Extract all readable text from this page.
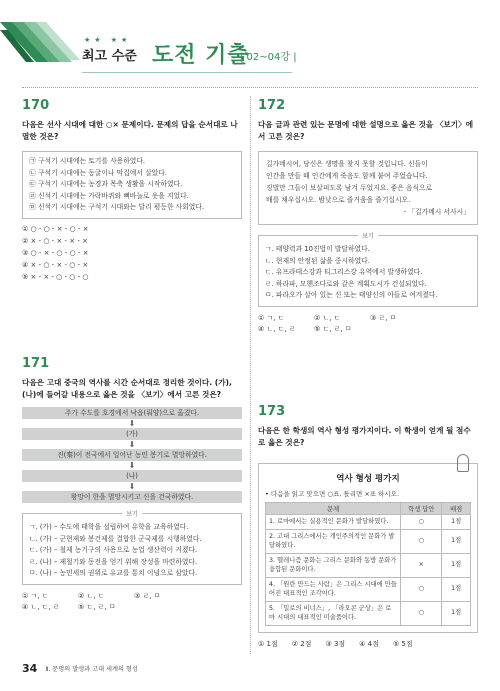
★★ ★★
최고 수준 도전 기출
| 02~04강 |
170
다음은 선사 시대에 대한 ○× 문제이다. 문제의 답을 순서대로 나열한 것은?
㉠ 구석기 시대에는 토기를 사용하였다.
㉡ 구석기 시대에는 동굴이나 막집에서 살았다.
㉢ 구석기 시대에는 농경과 목축 생활을 시작하였다.
㉣ 신석기 시대에는 가락바퀴와 뼈바늘로 옷을 지었다.
㉤ 신석기 시대에는 구석기 시대와는 달리 평등한 사회였다.
① ○ - ○ - × - ○ - ×
② × - ○ - × - × - ×
③ ○ - × - ○ - ○ - ×
④ × - ○ - × - ○ - ×
⑤ × - × - ○ - ○ - ○
171
다음은 고대 중국의 역사를 시간 순서대로 정리한 것이다. (가), (나)에 들어갈 내용으로 옳은 것을 〈보기〉에서 고른 것은?
주가 수도를 호경에서 낙읍(뤄양)으로 옮겼다.
⬇
(가)
⬇
진(秦)이 전국에서 일어난 농민 봉기로 멸망하였다.
⬇
(나)
⬇
왕망이 한을 멸망시키고 신을 건국하였다.
보기
ㄱ. (가) – 수도에 태학을 설립하여 유학을 교육하였다.
ㄴ. (가) – 군현제와 봉건제를 결합한 군국제를 시행하였다.
ㄷ. (가) – 철제 농기구의 사용으로 농업 생산력이 커졌다.
ㄹ. (나) – 제철기와 동전을 얻기 위해 장성을 마련하였다.
ㅁ. (나) – 농민세의 권위로 유교를 통치 이념으로 삼았다.
① ㄱ, ㄷ	② ㄴ, ㄷ	③ ㄹ, ㅁ
④ ㄴ, ㄷ, ㄹ	⑤ ㄷ, ㄹ, ㅁ
172
다음 글과 관련 있는 문명에 대한 설명으로 옳은 것을 〈보기〉에서 고른 것은?
길가메시여, 당신은 생명을 찾지 못할 것입니다. 신들이
인간을 만들 때 인간에게 죽음도 함께 붙여 주었습니다.
징벌만 그들이 보살피도록 남겨 두었지요. 좋은 음식으로
배를 채우십시오. 밤낮으로 즐거움을 즐기십시오.
- 「길가메시 서사시」
보기
ㄱ. 태양력과 10진법이 발달하였다.
ㄴ. 현재의 안정된 삶을 중시하였다.
ㄷ. 유프라테스강과 티그리스강 유역에서 발생하였다.
ㄹ. 하라파, 모헨조다로와 같은 계획도시가 건설되었다.
ㅁ. 파라오가 살아 있는 신 또는 태양신의 아들로 여겨졌다.
① ㄱ, ㄷ	② ㄴ, ㄷ	③ ㄹ, ㅁ
④ ㄴ, ㄷ, ㄹ	⑤ ㄷ, ㄹ, ㅁ
173
다음은 한 학생의 역사 형성 평가지이다. 이 학생이 얻게 될 점수로 옳은 것은?
역사 형성 평가지
• 다음을 읽고 맞으면 ○표, 틀리면 ×표 하시오.
문제	학생 답안	배점
1. 로마에서는 실용적인 문화가 발달하였다.	○	1점
2. 고대 그리스에서는 개인주의적인 문화가 발달하였다.	○	1점
3. 헬레니즘 문화는 그리스 문화와 동방 문화가 융합된 문화이다.	×	1점
4. 「원란 만드는 사람」은 그리스 시대에 만들어진 대표적인 조각이다.	○	1점
5. 「밀로의 비너스」, 「라오콘 군상」은 로마 시대의 대표적인 미술품이다.	○	1점
① 1점 ② 2점 ③ 3점 ④ 4점 ⑤ 5점
34 Ⅱ. 문명의 발생과 고대 세계의 형성
